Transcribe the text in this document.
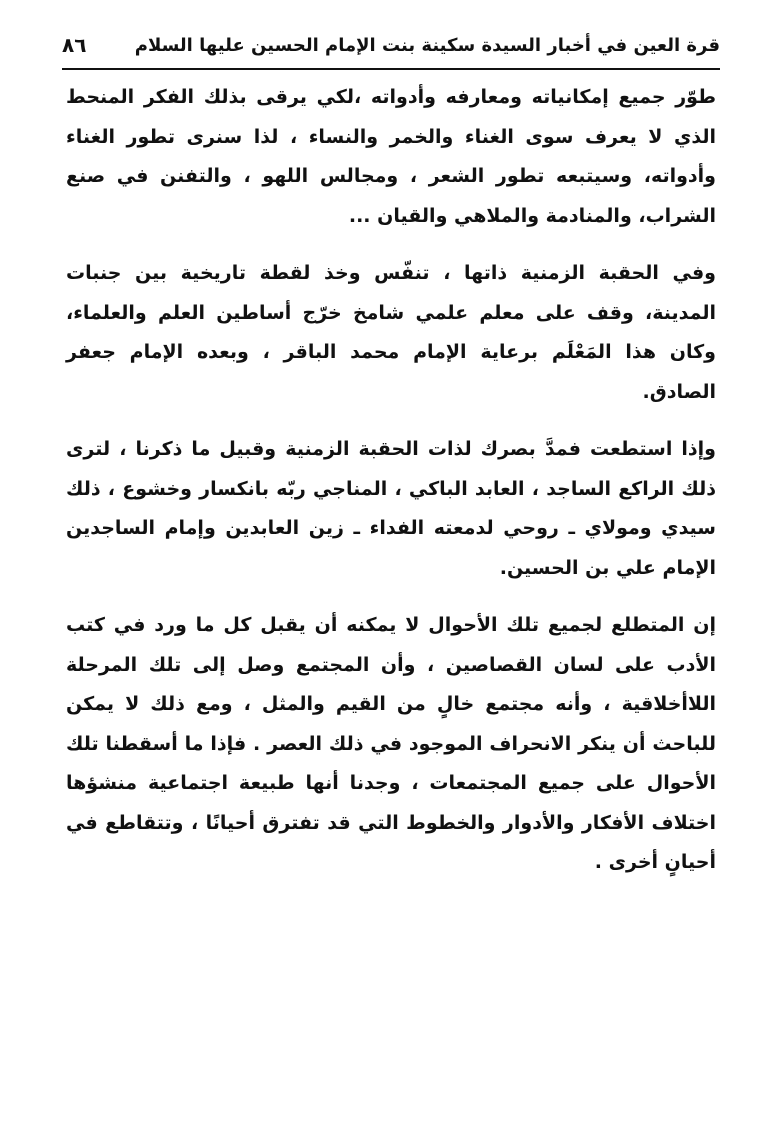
قرة العين في أخبار السيدة سكينة بنت الإمام الحسين عليها السلام
٨٦

طوّر جميع إمكانياته ومعارفه وأدواته ،لكي يرقى بذلك الفكر المنحط الذي لا يعرف سوى الغناء والخمر والنساء ، لذا سنرى تطور الغناء وأدواته، وسيتبعه تطور الشعر ، ومجالس اللهو ، والتفنن في صنع الشراب، والمنادمة والملاهي والقيان ...

وفي الحقبة الزمنية ذاتها ، تنفّس وخذ لقطة تاريخية بين جنبات المدينة، وقف على معلم علمي شامخ خرّج أساطين العلم والعلماء، وكان هذا المَعْلَم برعاية الإمام محمد الباقر ، وبعده الإمام جعفر الصادق.

وإذا استطعت فمدَّ بصرك لذات الحقبة الزمنية وقبيل ما ذكرنا ، لترى ذلك الراكع الساجد ، العابد الباكي ، المناجي ربّه بانكسار وخشوع ، ذلك سيدي ومولاي ـ روحي لدمعته الفداء ـ زين العابدين وإمام الساجدين الإمام علي بن الحسين.

إن المتطلع لجميع تلك الأحوال لا يمكنه أن يقبل كل ما ورد في كتب الأدب على لسان القصاصين ، وأن المجتمع وصل إلى تلك المرحلة اللاأخلاقية ، وأنه مجتمع خالٍ من القيم والمثل ، ومع ذلك لا يمكن للباحث أن ينكر الانحراف الموجود في ذلك العصر . فإذا ما أسقطنا تلك الأحوال على جميع المجتمعات ، وجدنا أنها طبيعة اجتماعية منشؤها اختلاف الأفكار والأدوار والخطوط التي قد تفترق أحيانًا ، وتتقاطع في أحيانٍ أخرى .
